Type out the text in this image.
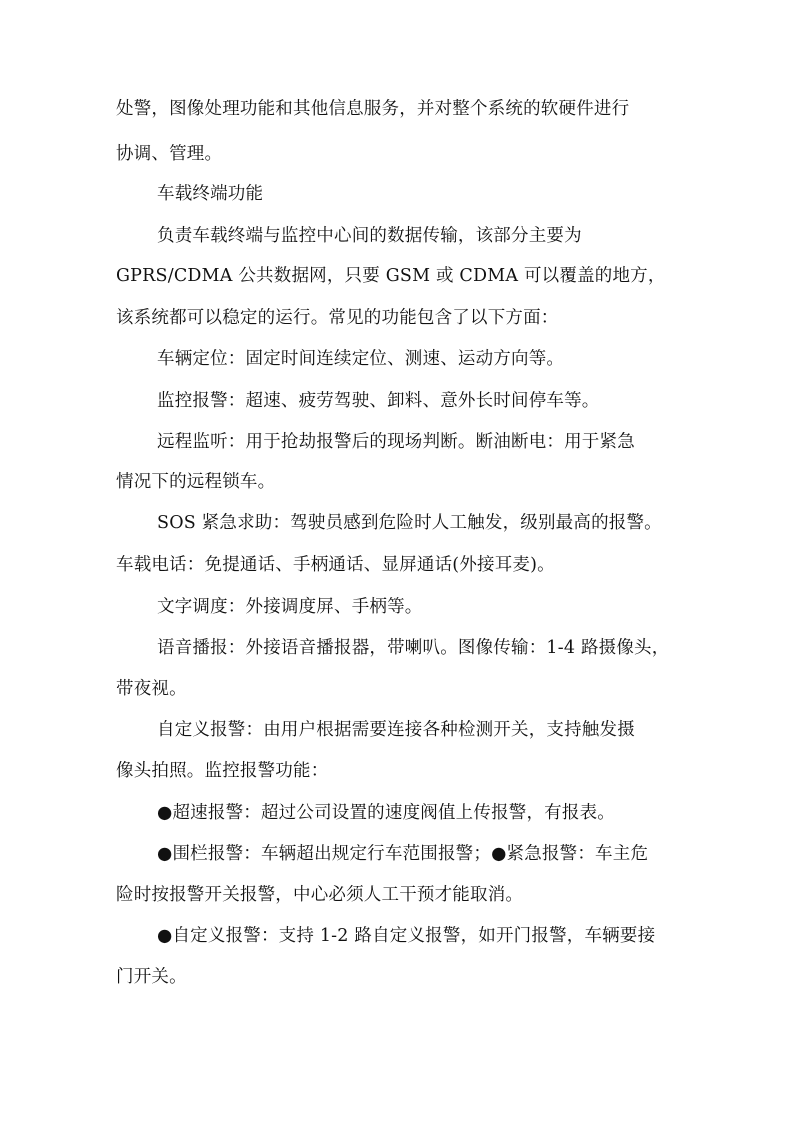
处警，图像处理功能和其他信息服务，并对整个系统的软硬件进行
协调、管理。
车载终端功能
负责车载终端与监控中心间的数据传输，该部分主要为
GPRS/CDMA 公共数据网，只要 GSM 或 CDMA 可以覆盖的地方，
该系统都可以稳定的运行。常见的功能包含了以下方面：
车辆定位：固定时间连续定位、测速、运动方向等。
监控报警：超速、疲劳驾驶、卸料、意外长时间停车等。
远程监听：用于抢劫报警后的现场判断。断油断电：用于紧急
情况下的远程锁车。
SOS 紧急求助：驾驶员感到危险时人工触发，级别最高的报警。
车载电话：免提通话、手柄通话、显屏通话(外接耳麦)。
文字调度：外接调度屏、手柄等。
语音播报：外接语音播报器，带喇叭。图像传输：1-4 路摄像头，
带夜视。
自定义报警：由用户根据需要连接各种检测开关，支持触发摄
像头拍照。监控报警功能：
●超速报警：超过公司设置的速度阀值上传报警，有报表。
●围栏报警：车辆超出规定行车范围报警；●紧急报警：车主危
险时按报警开关报警，中心必须人工干预才能取消。
●自定义报警：支持 1-2 路自定义报警，如开门报警，车辆要接
门开关。
